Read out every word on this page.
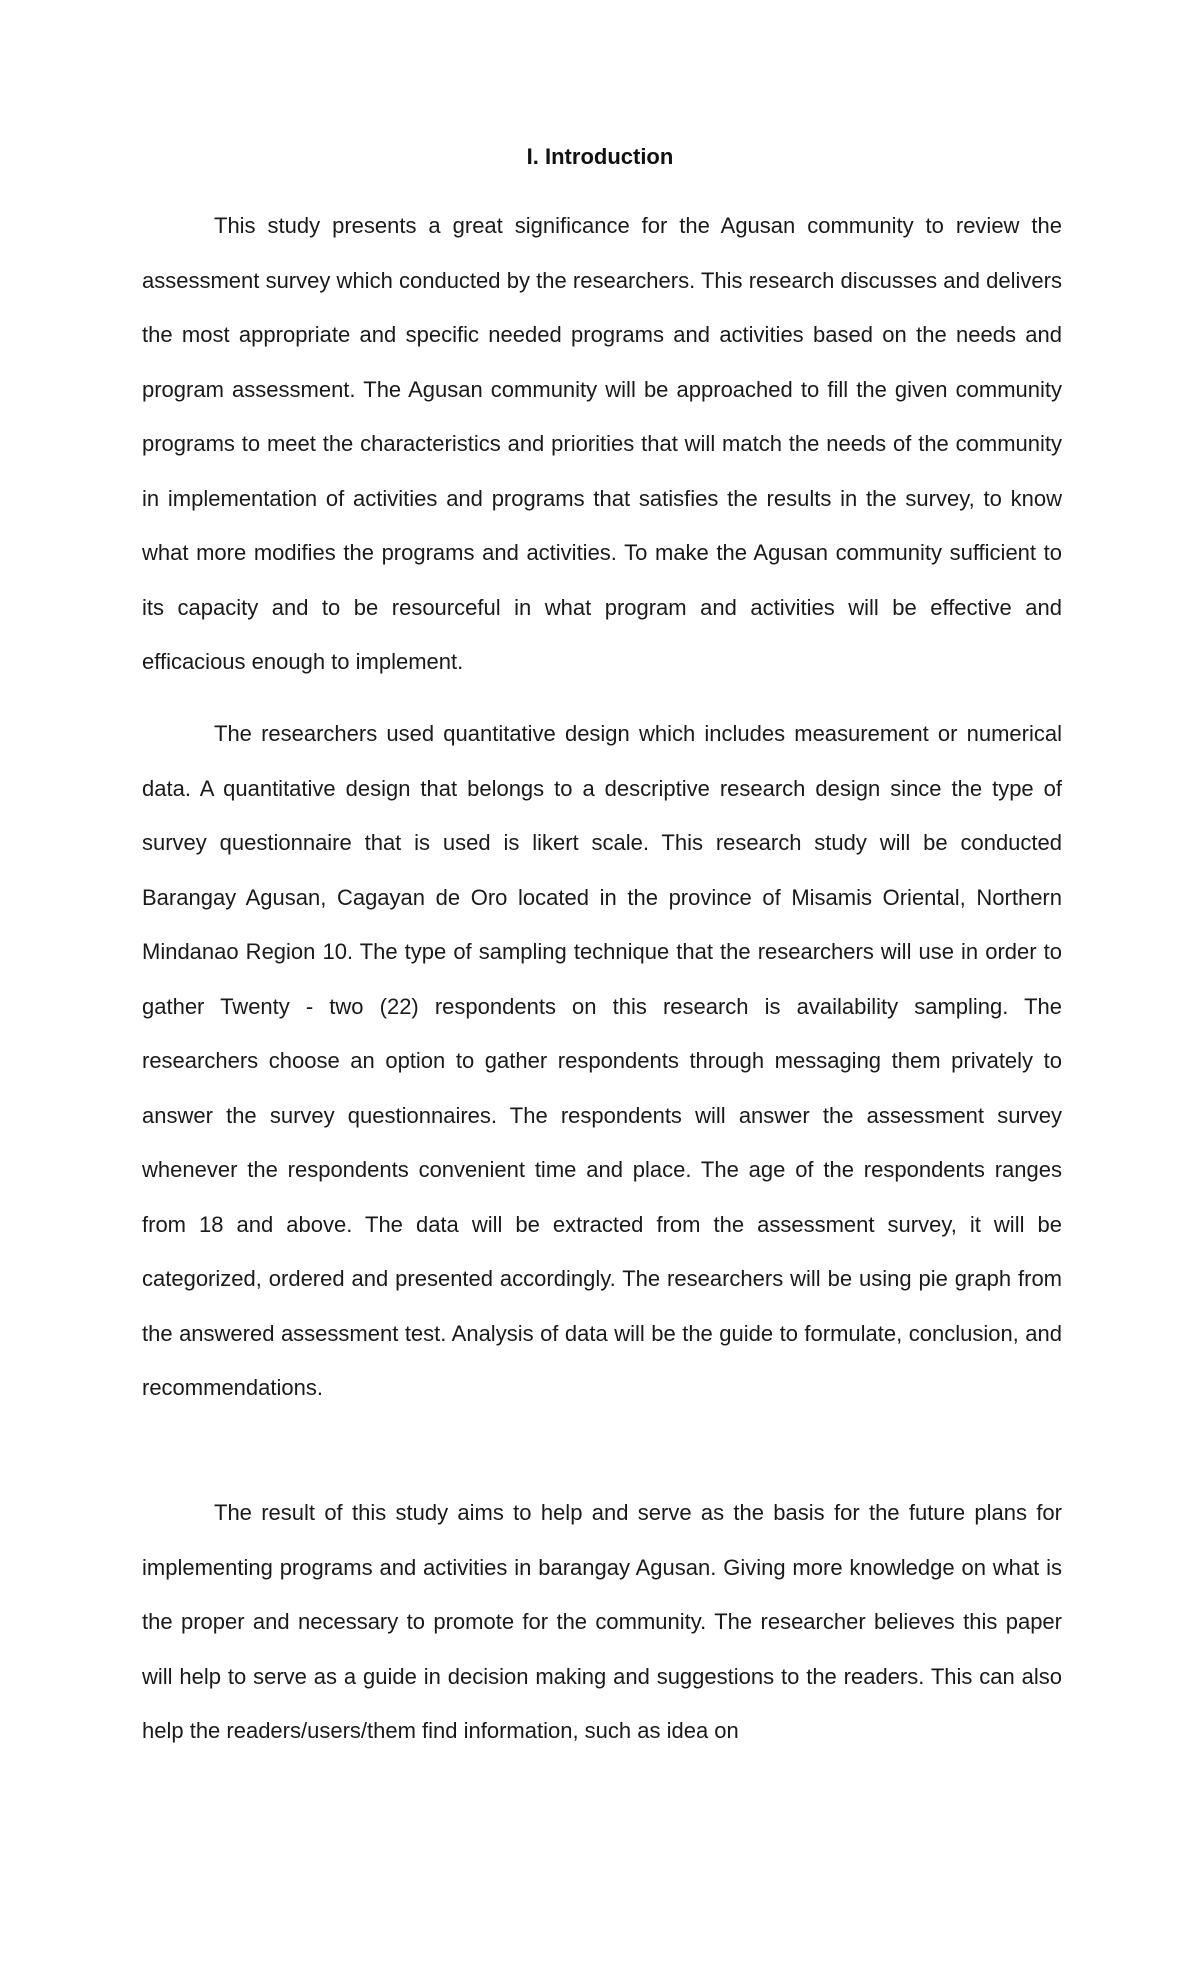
I. Introduction

This study presents a great significance for the Agusan community to review the assessment survey which conducted by the researchers. This research discusses and delivers the most appropriate and specific needed programs and activities based on the needs and program assessment. The Agusan community will be approached to fill the given community programs to meet the characteristics and priorities that will match the needs of the community in implementation of activities and programs that satisfies the results in the survey, to know what more modifies the programs and activities. To make the Agusan community sufficient to its capacity and to be resourceful in what program and activities will be effective and efficacious enough to implement.

The researchers used quantitative design which includes measurement or numerical data. A quantitative design that belongs to a descriptive research design since the type of survey questionnaire that is used is likert scale. This research study will be conducted Barangay Agusan, Cagayan de Oro located in the province of Misamis Oriental, Northern Mindanao Region 10. The type of sampling technique that the researchers will use in order to gather Twenty - two (22) respondents on this research is availability sampling. The researchers choose an option to gather respondents through messaging them privately to answer the survey questionnaires. The respondents will answer the assessment survey whenever the respondents convenient time and place. The age of the respondents ranges from 18 and above. The data will be extracted from the assessment survey, it will be categorized, ordered and presented accordingly. The researchers will be using pie graph from the answered assessment test. Analysis of data will be the guide to formulate, conclusion, and recommendations.

The result of this study aims to help and serve as the basis for the future plans for implementing programs and activities in barangay Agusan. Giving more knowledge on what is the proper and necessary to promote for the community. The researcher believes this paper will help to serve as a guide in decision making and suggestions to the readers. This can also help the readers/users/them find information, such as idea on
